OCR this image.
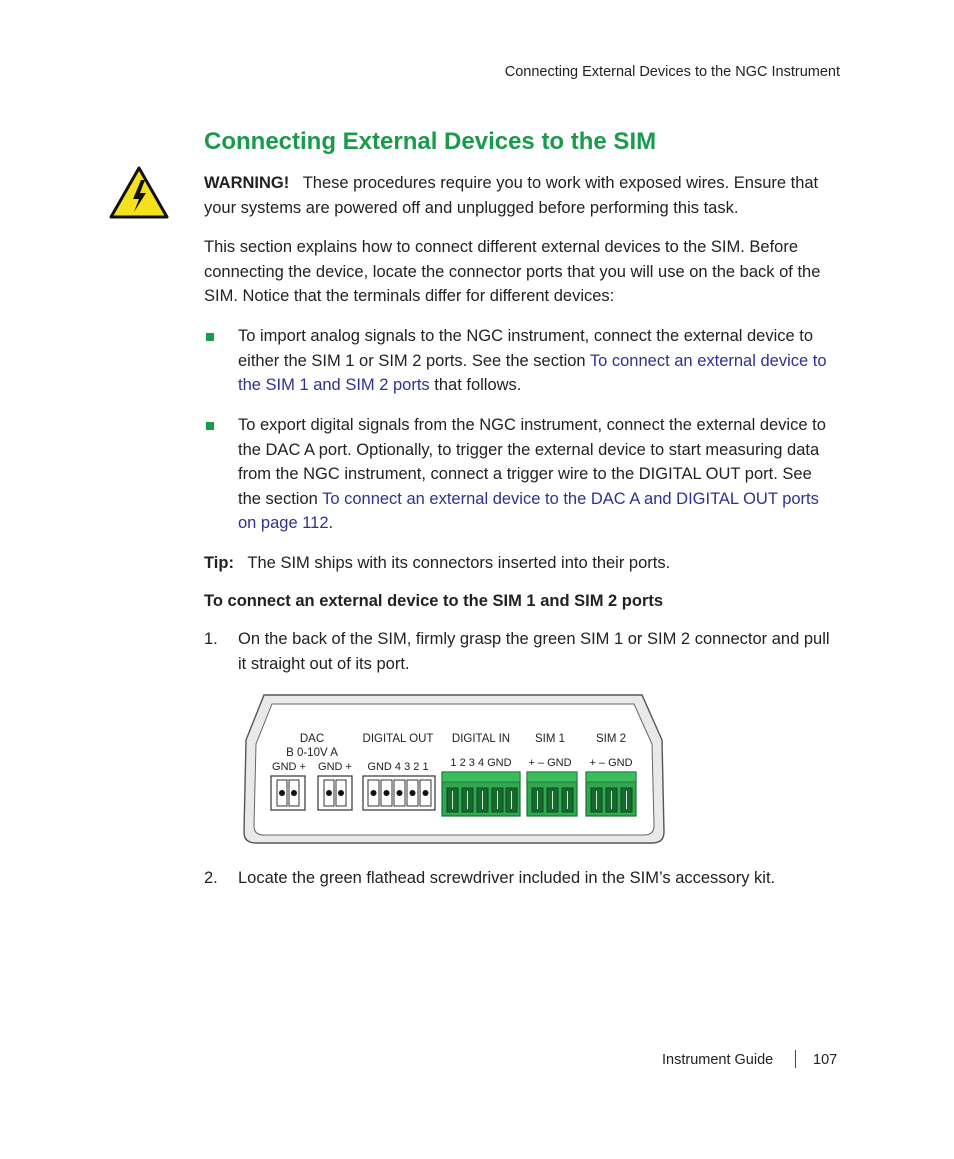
Connecting External Devices to the NGC Instrument
Connecting External Devices to the SIM
WARNING! These procedures require you to work with exposed wires. Ensure that your systems are powered off and unplugged before performing this task.
This section explains how to connect different external devices to the SIM. Before connecting the device, locate the connector ports that you will use on the back of the SIM. Notice that the terminals differ for different devices:
To import analog signals to the NGC instrument, connect the external device to either the SIM 1 or SIM 2 ports. See the section To connect an external device to the SIM 1 and SIM 2 ports that follows.
To export digital signals from the NGC instrument, connect the external device to the DAC A port. Optionally, to trigger the external device to start measuring data from the NGC instrument, connect a trigger wire to the DIGITAL OUT port. See the section To connect an external device to the DAC A and DIGITAL OUT ports on page 112.
Tip: The SIM ships with its connectors inserted into their ports.
To connect an external device to the SIM 1 and SIM 2 ports
1. On the back of the SIM, firmly grasp the green SIM 1 or SIM 2 connector and pull it straight out of its port.
DAC
B 0-10V A
GND + GND +
DIGITAL OUT
GND 4 3 2 1
DIGITAL IN
1 2 3 4 GND
SIM 1
+ – GND
SIM 2
+ – GND
2. Locate the green flathead screwdriver included in the SIM’s accessory kit.
Instrument Guide	107
